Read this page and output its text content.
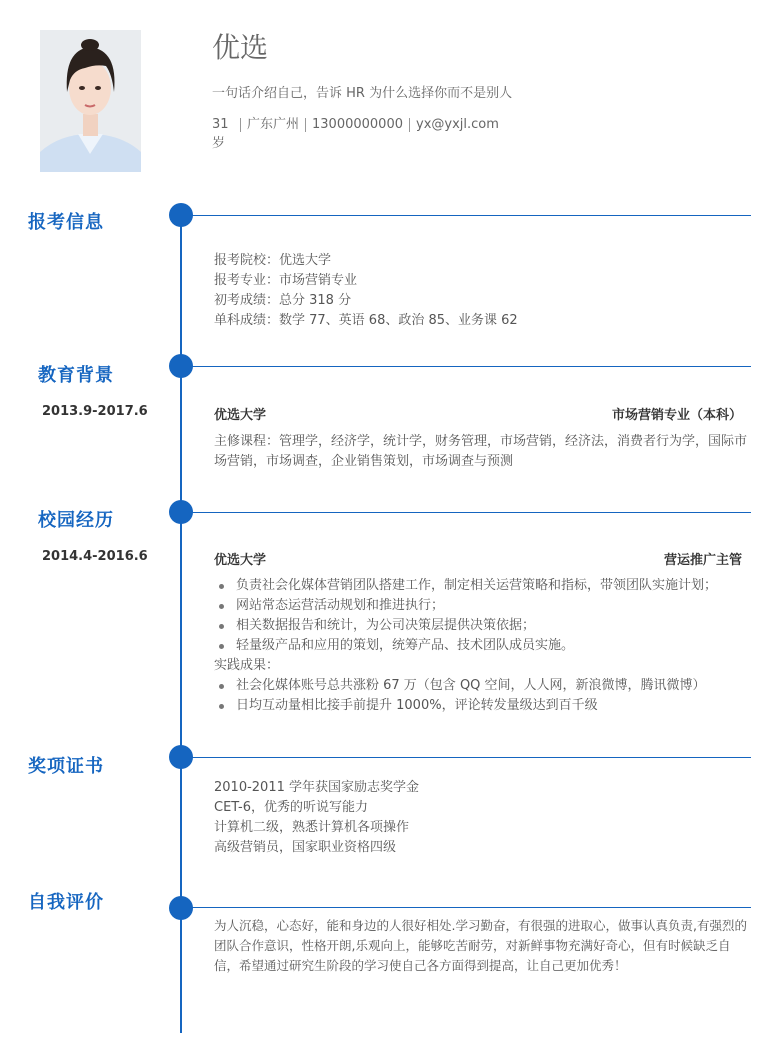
优选
一句话介绍自己，告诉 HR 为什么选择你而不是别人
31 岁
广东广州 13000000000 yx@yxjl.com
报考信息
报考院校：优选大学
报考专业：市场营销专业
初考成绩：总分 318 分
单科成绩：数学 77、英语 68、政治 85、业务课 62
教育背景
2013.9-2017.6	优选大学	市场营销专业（本科）
主修课程：管理学，经济学，统计学，财务管理，市场营销，经济法，消费者行为学，国际市场营销，市场调查，企业销售策划，市场调查与预测
校园经历
2014.4-2016.6	优选大学	营运推广主管
负责社会化媒体营销团队搭建工作，制定相关运营策略和指标，带领团队实施计划；
网站常态运营活动规划和推进执行；
相关数据报告和统计，为公司决策层提供决策依据；
轻量级产品和应用的策划，统筹产品、技术团队成员实施。
实践成果：
社会化媒体账号总共涨粉 67 万（包含 QQ 空间，人人网，新浪微博，腾讯微博）
日均互动量相比接手前提升 1000%，评论转发量级达到百千级
奖项证书
2010-2011 学年获国家励志奖学金
CET-6，优秀的听说写能力
计算机二级，熟悉计算机各项操作
高级营销员，国家职业资格四级
自我评价
为人沉稳，心态好，能和身边的人很好相处.学习勤奋，有很强的进取心，做事认真负责,有强烈的团队合作意识，性格开朗,乐观向上，能够吃苦耐劳，对新鲜事物充满好奇心，但有时候缺乏自信，希望通过研究生阶段的学习使自己各方面得到提高，让自己更加优秀！
